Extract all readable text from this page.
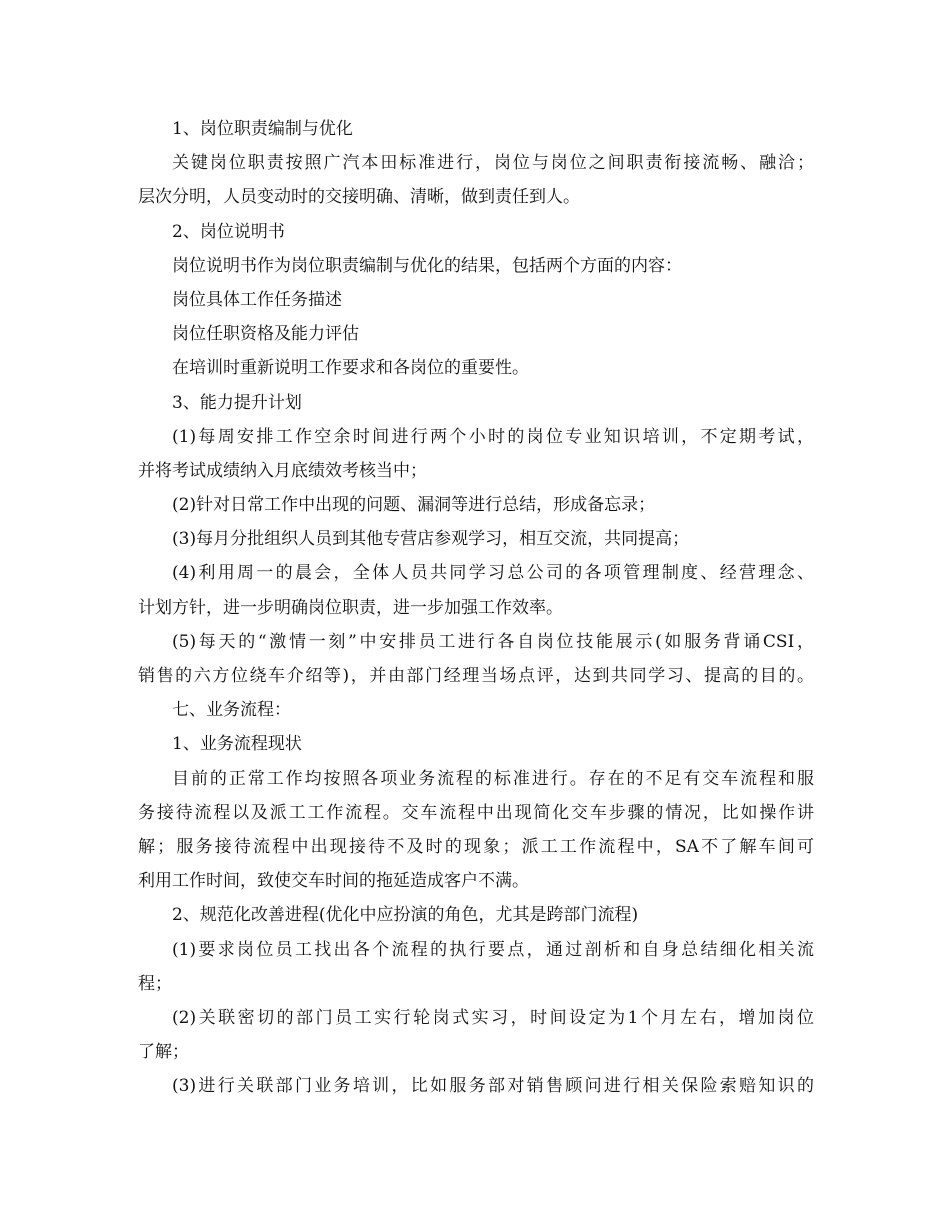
1、岗位职责编制与优化
关键岗位职责按照广汽本田标准进行，岗位与岗位之间职责衔接流畅、融洽；
层次分明，人员变动时的交接明确、清晰，做到责任到人。
2、岗位说明书
岗位说明书作为岗位职责编制与优化的结果，包括两个方面的内容：
岗位具体工作任务描述
岗位任职资格及能力评估
在培训时重新说明工作要求和各岗位的重要性。
3、能力提升计划
(1)每周安排工作空余时间进行两个小时的岗位专业知识培训，不定期考试，
并将考试成绩纳入月底绩效考核当中；
(2)针对日常工作中出现的问题、漏洞等进行总结，形成备忘录；
(3)每月分批组织人员到其他专营店参观学习，相互交流，共同提高；
(4)利用周一的晨会，全体人员共同学习总公司的各项管理制度、经营理念、
计划方针，进一步明确岗位职责，进一步加强工作效率。
(5)每天的“激情一刻”中安排员工进行各自岗位技能展示(如服务背诵CSI，
销售的六方位绕车介绍等)，并由部门经理当场点评，达到共同学习、提高的目的。
七、业务流程：
1、业务流程现状
目前的正常工作均按照各项业务流程的标准进行。存在的不足有交车流程和服
务接待流程以及派工工作流程。交车流程中出现简化交车步骤的情况，比如操作讲
解；服务接待流程中出现接待不及时的现象；派工工作流程中，SA不了解车间可
利用工作时间，致使交车时间的拖延造成客户不满。
2、规范化改善进程(优化中应扮演的角色，尤其是跨部门流程)
(1)要求岗位员工找出各个流程的执行要点，通过剖析和自身总结细化相关流
程；
(2)关联密切的部门员工实行轮岗式实习，时间设定为1个月左右，增加岗位
了解；
(3)进行关联部门业务培训，比如服务部对销售顾问进行相关保险索赔知识的
